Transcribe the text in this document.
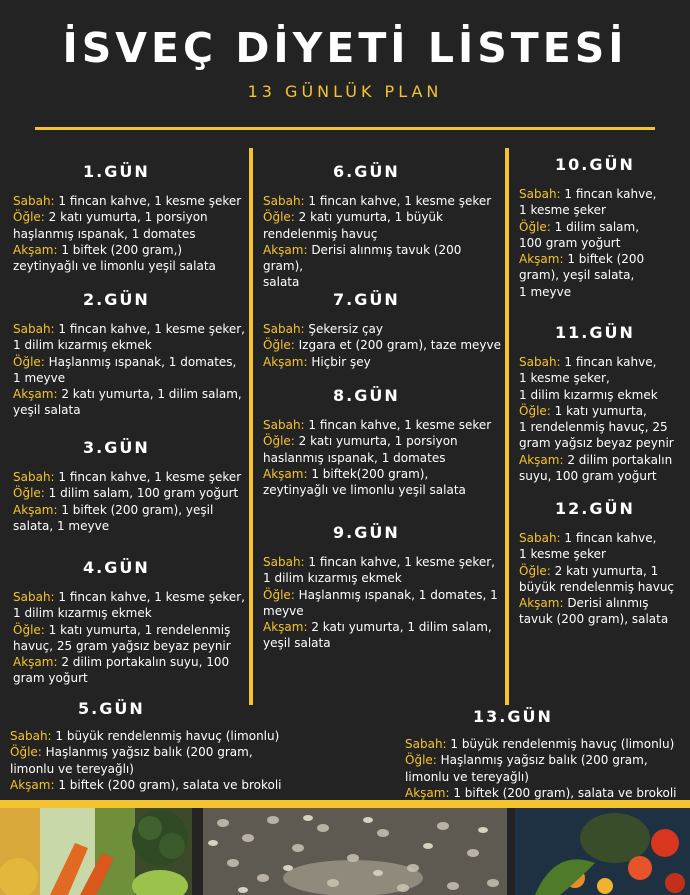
İSVEÇ DİYETİ LİSTESİ
13 GÜNLÜK PLAN
1.GÜN
Sabah: 1 fincan kahve, 1 kesme şeker
Öğle: 2 katı yumurta, 1 porsiyon
haşlanmış ıspanak, 1 domates
Akşam: 1 biftek (200 gram,)
zeytinyağlı ve limonlu yeşil salata
2.GÜN
Sabah: 1 fincan kahve, 1 kesme şeker,
1 dilim kızarmış ekmek
Öğle: Haşlanmış ıspanak, 1 domates,
1 meyve
Akşam: 2 katı yumurta, 1 dilim salam,
yeşil salata
3.GÜN
Sabah: 1 fincan kahve, 1 kesme şeker
Öğle: 1 dilim salam, 100 gram yoğurt
Akşam: 1 biftek (200 gram), yeşil
salata, 1 meyve
4.GÜN
Sabah: 1 fincan kahve, 1 kesme şeker,
1 dilim kızarmış ekmek
Öğle: 1 katı yumurta, 1 rendelenmiş
havuç, 25 gram yağsız beyaz peynir
Akşam: 2 dilim portakalın suyu, 100
gram yoğurt
5.GÜN
Sabah: 1 büyük rendelenmiş havuç (limonlu)
Öğle: Haşlanmış yağsız balık (200 gram,
limonlu ve tereyağlı)
Akşam: 1 biftek (200 gram), salata ve brokoli
6.GÜN
Sabah: 1 fincan kahve, 1 kesme şeker
Öğle: 2 katı yumurta, 1 büyük
rendelenmiş havuç
Akşam: Derisi alınmış tavuk (200 gram),
salata
7.GÜN
Sabah: Şekersiz çay
Öğle: Izgara et (200 gram), taze meyve
Akşam: Hiçbir şey
8.GÜN
Sabah: 1 fincan kahve, 1 kesme seker
Öğle: 2 katı yumurta, 1 porsiyon
haslanmış ıspanak, 1 domates
Akşam: 1 biftek(200 gram),
zeytinyağlı ve limonlu yeşil salata
9.GÜN
Sabah: 1 fincan kahve, 1 kesme şeker,
1 dilim kızarmış ekmek
Öğle: Haşlanmış ıspanak, 1 domates, 1
meyve
Akşam: 2 katı yumurta, 1 dilim salam,
yeşil salata
10.GÜN
Sabah: 1 fincan kahve,
1 kesme şeker
Öğle: 1 dilim salam,
100 gram yoğurt
Akşam: 1 biftek (200
gram), yeşil salata,
1 meyve
11.GÜN
Sabah: 1 fincan kahve,
1 kesme şeker,
1 dilim kızarmış ekmek
Öğle: 1 katı yumurta,
1 rendelenmiş havuç, 25
gram yağsız beyaz peynir
Akşam: 2 dilim portakalın
suyu, 100 gram yoğurt
12.GÜN
Sabah: 1 fincan kahve,
1 kesme şeker
Öğle: 2 katı yumurta, 1
büyük rendelenmiş havuç
Akşam: Derisi alınmış
tavuk (200 gram), salata
13.GÜN
Sabah: 1 büyük rendelenmiş havuç (limonlu)
Öğle: Haşlanmış yağsız balık (200 gram,
limonlu ve tereyağlı)
Akşam: 1 biftek (200 gram), salata ve brokoli
